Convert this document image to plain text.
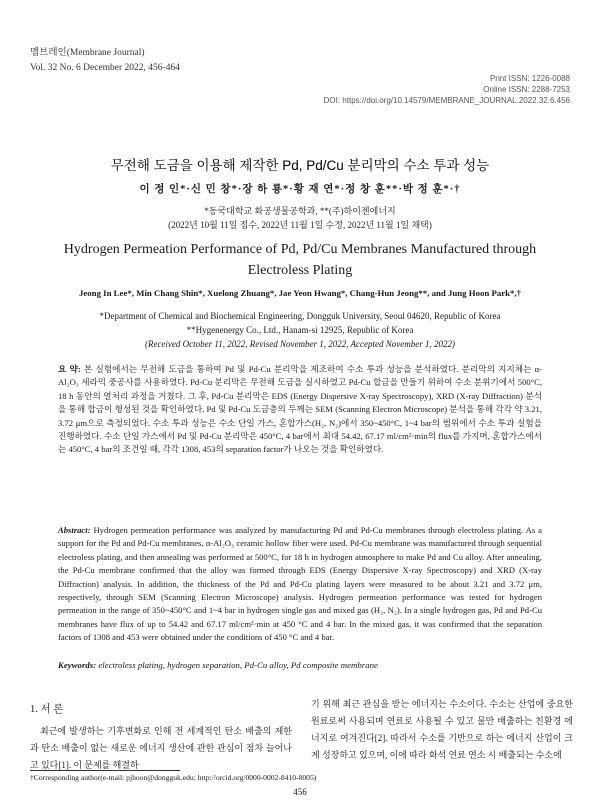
멤브레인(Membrane Journal)
Vol. 32 No. 6 December 2022, 456-464
Print ISSN: 1226-0088
Online ISSN: 2288-7253
DOI: https://doi.org/10.14579/MEMBRANE_JOURNAL.2022.32.6.456
무전해 도금을 이용해 제작한 Pd, Pd/Cu 분리막의 수소 투과 성능
이 정 인*·신 민 창*·장 하 룡*·황 재 연*·정 창 훈**·박 정 훈*·†
*동국대학교 화공생물공학과, **(주)하이젠에너지
(2022년 10월 11일 접수, 2022년 11월 1일 수정, 2022년 11월 1일 채택)
Hydrogen Permeation Performance of Pd, Pd/Cu Membranes Manufactured through Electroless Plating
Jeong In Lee*, Min Chang Shin*, Xuelong Zhuang*, Jae Yeon Hwang*, Chang-Hun Jeong**, and Jung Hoon Park*,†
*Department of Chemical and Biochemical Engineering, Dongguk University, Seoul 04620, Republic of Korea
**Hygenenergy Co., Ltd., Hanam-si 12925, Republic of Korea
(Received October 11, 2022, Revised November 1, 2022, Accepted November 1, 2022)
요 약: 본 실험에서는 무전해 도금을 통하여 Pd 및 Pd-Cu 분리막을 제조하여 수소 투과 성능을 분석하였다. 분리막의 지지체는 α-Al₂O₃ 세라믹 중공사를 사용하였다. Pd-Cu 분리막은 무전해 도금을 실시하였고 Pd-Cu 합금을 만들기 위하여 수소 분위기에서 500°C, 18 h 동안의 열처리 과정을 거쳤다. 그 후, Pd-Cu 분리막은 EDS (Energy Dispersive X-ray Spectroscopy), XRD (X-ray Diffraction) 분석을 통해 합금이 형성된 것을 확인하였다. Pd 및 Pd-Cu 도금층의 두께는 SEM (Scanning Electron Microscope) 분석을 통해 각각 약 3.21, 3.72 μm으로 측정되었다. 수소 투과 성능은 수소 단일 가스, 혼합가스(H₂, N₂)에서 350~450°C, 1~4 bar의 범위에서 수소 투과 실험을 진행하였다. 수소 단일 가스에서 Pd 및 Pd-Cu 분리막은 450°C, 4 bar에서 최대 54.42, 67.17 ml/cm²·min의 flux를 가지며, 혼합가스에서는 450°C, 4 bar의 조건일 때, 각각 1308, 453의 separation factor가 나오는 것을 확인하였다.
Abstract: Hydrogen permeation performance was analyzed by manufacturing Pd and Pd-Cu membranes through electroless plating. As a support for the Pd and Pd-Cu membranes, α-Al₂O₃ ceramic hollow fiber were used. Pd-Cu membrane was manufactured through sequential electroless plating, and then annealing was performed at 500°C, for 18 h in hydrogen atmosphere to make Pd and Cu alloy. After annealing, the Pd-Cu membrane confirmed that the alloy was formed through EDS (Energy Dispersive X-ray Spectroscopy) and XRD (X-ray Diffraction) analysis. In addition, the thickness of the Pd and Pd-Cu plating layers were measured to be about 3.21 and 3.72 μm, respectively, through SEM (Scanning Electron Microscope) analysis. Hydrogen permeation performance was tested for hydrogen permeation in the range of 350~450°C and 1~4 bar in hydrogen single gas and mixed gas (H₂, N₂). In a single hydrogen gas, Pd and Pd-Cu membranes have flux of up to 54.42 and 67.17 ml/cm²·min at 450 °C and 4 bar. In the mixed gas, it was confirmed that the separation factors of 1308 and 453 were obtained under the conditions of 450 °C and 4 bar.
Keywords: electroless plating, hydrogen separation, Pd-Cu alloy, Pd composite membrane
1. 서 론
최근에 발생하는 기후변화로 인해 전 세계적인 탄소 배출의 제한과 탄소 배출이 없는 새로운 에너지 생산에 관한 관심이 점차 늘어나고 있다[1]. 이 문제를 해결하
기 위해 최근 관심을 받는 에너지는 수소이다. 수소는 산업에 중요한 원료로써 사용되며 연료로 사용될 수 있고 물만 배출하는 친환경 에너지로 여겨진다[2]. 따라서 수소를 기반으로 하는 에너지 산업이 크게 성장하고 있으며, 이에 따라 화석 연료 연소 시 배출되는 수소에
†Corresponding author(e-mail: pjhoon@dongguk.edu; http://orcid.org/0000-0002-8410-8005)
456
